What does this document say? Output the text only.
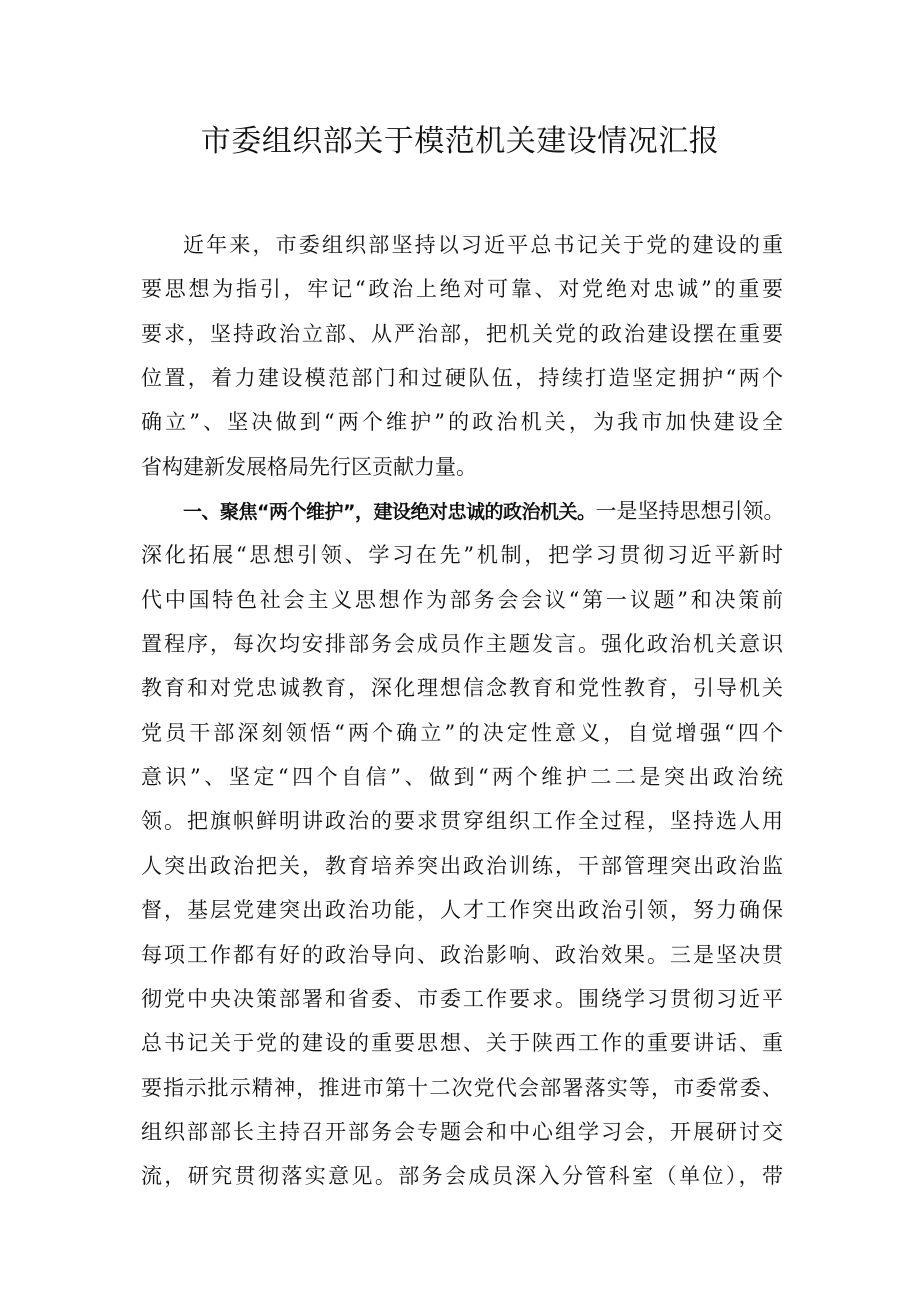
市委组织部关于模范机关建设情况汇报
近年来，市委组织部坚持以习近平总书记关于党的建设的重
要思想为指引，牢记“政治上绝对可靠、对党绝对忠诚”的重要
要求，坚持政治立部、从严治部，把机关党的政治建设摆在重要
位置，着力建设模范部门和过硬队伍，持续打造坚定拥护“两个
确立”、坚决做到“两个维护”的政治机关，为我市加快建设全
省构建新发展格局先行区贡献力量。
一、聚焦“两个维护”，建设绝对忠诚的政治机关。一是坚持思想引领。
深化拓展“思想引领、学习在先”机制，把学习贯彻习近平新时
代中国特色社会主义思想作为部务会会议“第一议题”和决策前
置程序，每次均安排部务会成员作主题发言。强化政治机关意识
教育和对党忠诚教育，深化理想信念教育和党性教育，引导机关
党员干部深刻领悟“两个确立”的决定性意义，自觉增强“四个
意识”、坚定“四个自信”、做到“两个维护二二是突出政治统
领。把旗帜鲜明讲政治的要求贯穿组织工作全过程，坚持选人用
人突出政治把关，教育培养突出政治训练，干部管理突出政治监
督，基层党建突出政治功能，人才工作突出政治引领，努力确保
每项工作都有好的政治导向、政治影响、政治效果。三是坚决贯
彻党中央决策部署和省委、市委工作要求。围绕学习贯彻习近平
总书记关于党的建设的重要思想、关于陕西工作的重要讲话、重
要指示批示精神，推进市第十二次党代会部署落实等，市委常委、
组织部部长主持召开部务会专题会和中心组学习会，开展研讨交
流，研究贯彻落实意见。部务会成员深入分管科室（单位），带
